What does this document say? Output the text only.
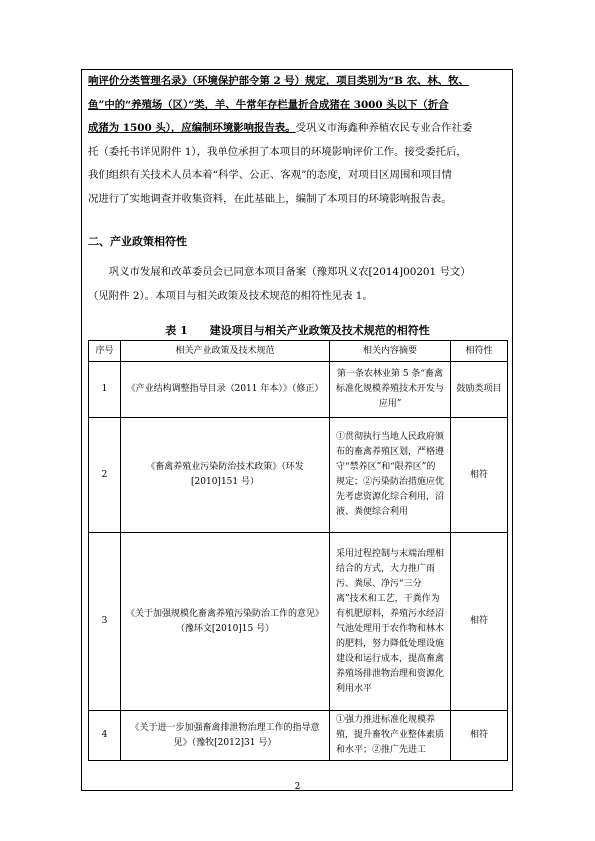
响评价分类管理名录》（环境保护部令第 2 号）规定，项目类别为“B 农、林、牧、
鱼”中的“养殖场（区）”类，羊、牛常年存栏量折合成猪在 3000 头以下（折合
成猪为 1500 头），应编制环境影响报告表。受巩义市海鑫种养植农民专业合作社委
托（委托书详见附件 1），我单位承担了本项目的环境影响评价工作。接受委托后，
我们组织有关技术人员本着“科学、公正、客观”的态度，对项目区周围和项目情
况进行了实地调查并收集资料，在此基础上，编制了本项目的环境影响报告表。
二、产业政策相符性
　　巩义市发展和改革委员会已同意本项目备案（豫郑巩义农[2014]00201 号文）
（见附件 2）。本项目与相关政策及技术规范的相符性见表 1。
表 1　　建设项目与相关产业政策及技术规范的相符性
序号	相关产业政策及技术规范	相关内容摘要	相符性
1	《产业结构调整指导目录（2011 年本）》（修正）	第一条农林业第 5 条“畜禽标准化规模养殖技术开发与应用”	鼓励类项目
2	《畜禽养殖业污染防治技术政策》（环发[2010]151 号）	①贯彻执行当地人民政府颁布的畜禽养殖区划，严格遵守“禁养区”和“限养区”的规定；②污染防治措施应优先考虑资源化综合利用，沼液、粪便综合利用	相符
3	《关于加强规模化畜禽养殖污染防治工作的意见》（豫环文[2010]15 号）	采用过程控制与末端治理相结合的方式，大力推广雨污、粪尿、净污“三分离”技术和工艺，干粪作为有机肥原料，养殖污水经沼气池处理用于农作物和林木的肥料，努力降低处理设施建设和运行成本，提高畜禽养殖场排泄物治理和资源化利用水平	相符
4	《关于进一步加强畜禽排泄物治理工作的指导意见》（豫牧[2012]31 号）	①强力推进标准化规模养殖，提升畜牧产业整体素质和水平；②推广先进工	相符
2
